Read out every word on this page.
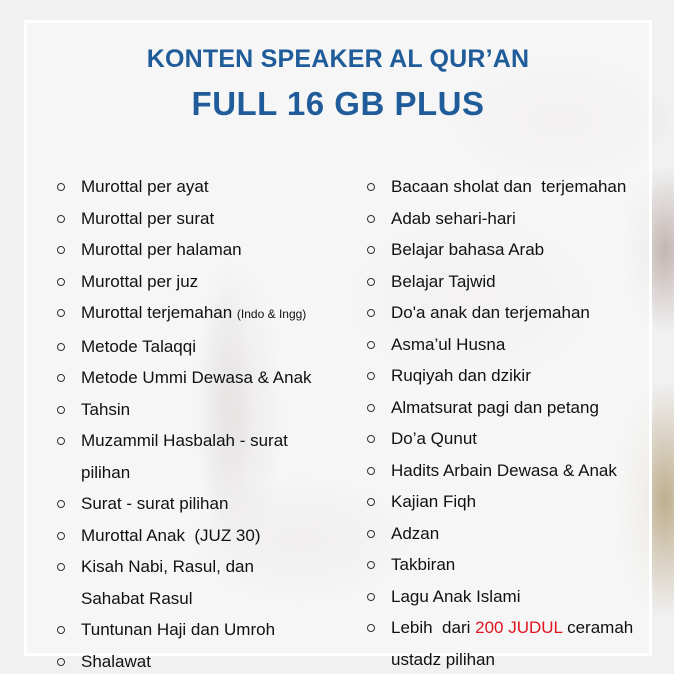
KONTEN SPEAKER AL QUR’AN
FULL 16 GB PLUS
Murottal per ayat
Murottal per surat
Murottal per halaman
Murottal per juz
Murottal terjemahan (Indo & Ingg)
Metode Talaqqi
Metode Ummi Dewasa & Anak
Tahsin
Muzammil Hasbalah - surat
pilihan
Surat - surat pilihan
Murottal Anak  (JUZ 30)
Kisah Nabi, Rasul, dan
Sahabat Rasul
Tuntunan Haji dan Umroh
Shalawat
Bacaan sholat dan  terjemahan
Adab sehari-hari
Belajar bahasa Arab
Belajar Tajwid
Do'a anak dan terjemahan
Asma’ul Husna
Ruqiyah dan dzikir
Almatsurat pagi dan petang
Do’a Qunut
Hadits Arbain Dewasa & Anak
Kajian Fiqh
Adzan
Takbiran
Lagu Anak Islami
Lebih  dari 200 JUDUL ceramah
ustadz pilihan
